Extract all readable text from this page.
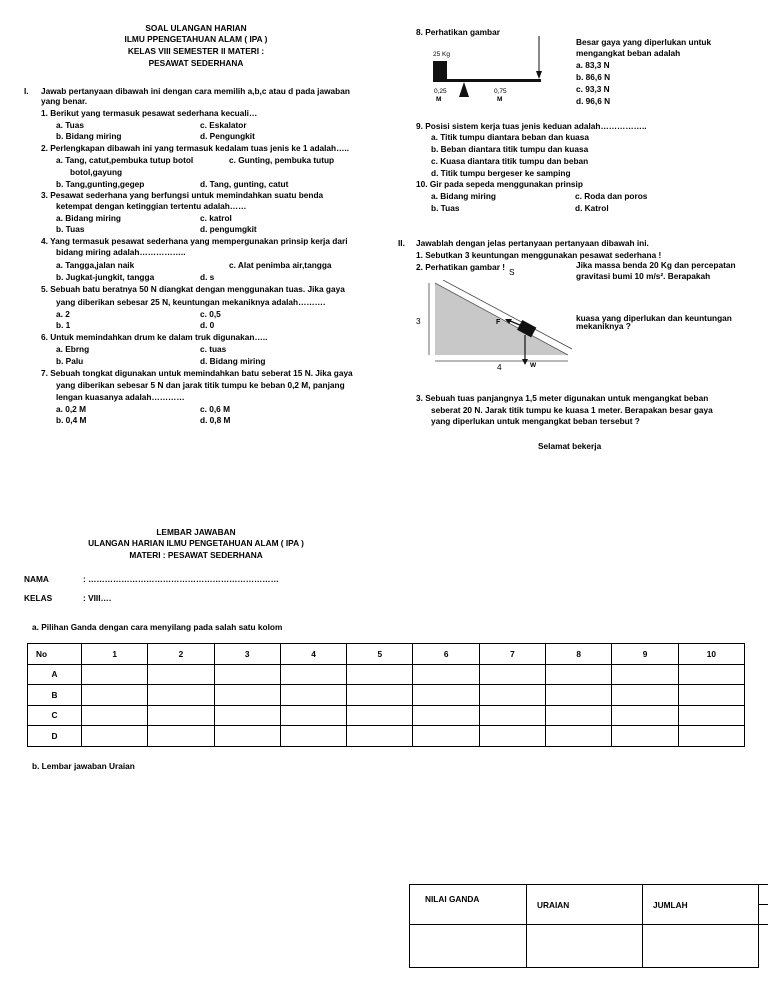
SOAL ULANGAN HARIAN
ILMU PPENGETAHUAN ALAM ( IPA )
KELAS VIII SEMESTER II MATERI :
PESAWAT SEDERHANA
I. Jawab pertanyaan dibawah ini dengan cara memilih a,b,c atau d pada jawaban
yang benar.
1. Berikut yang termasuk pesawat sederhana kecuali…
a. Tuas	c. Eskalator
b. Bidang miring	d. Pengungkit
2. Perlengkapan dibawah ini yang termasuk kedalam tuas jenis ke 1 adalah…..
a. Tang, catut,pembuka tutup botol	c. Gunting, pembuka tutup
botol,gayung
b. Tang,gunting,gegep	d. Tang, gunting, catut
3. Pesawat sederhana yang berfungsi untuk memindahkan suatu benda
ketempat dengan ketinggian tertentu adalah……
a. Bidang miring	c. katrol
b. Tuas	d. pengumgkit
4. Yang termasuk pesawat sederhana yang mempergunakan prinsip kerja dari
bidang miring adalah……………..
a. Tangga,jalan naik	c. Alat penimba air,tangga
b. Jugkat-jungkit, tangga	d. s
5. Sebuah batu beratnya 50 N diangkat dengan menggunakan tuas. Jika gaya
yang diberikan sebesar 25 N, keuntungan mekaniknya adalah……….
a. 2	c. 0,5
b. 1	d. 0
6. Untuk memindahkan drum ke dalam truk digunakan…..
a. Ebrng	c. tuas
b. Palu	d. Bidang miring
7. Sebuah tongkat digunakan untuk memindahkan batu seberat 15 N. Jika gaya
yang diberikan sebesar 5 N dan jarak titik tumpu ke beban 0,2 M, panjang
lengan kuasanya adalah…………
a. 0,2 M	c. 0,6 M
b. 0,4 M	d. 0,8 M
8. Perhatikan gambar
25 Kg
0,25
M
0,75
M
Besar gaya yang diperlukan untuk
mengangkat beban adalah
a. 83,3 N
b. 86,6 N
c. 93,3 N
d. 96,6 N
9. Posisi sistem kerja tuas jenis keduan adalah……………..
a. Titik tumpu diantara beban dan kuasa
b. Beban diantara titik tumpu dan kuasa
c. Kuasa diantara titik tumpu dan beban
d. Titik tumpu bergeser ke samping
10. Gir pada sepeda menggunakan prinsip
a. Bidang miring	c. Roda dan poros
b. Tuas	d. Katrol
II. Jawablah dengan jelas pertanyaan pertanyaan dibawah ini.
1. Sebutkan 3 keuntungan menggunakan pesawat sederhana !
2. Perhatikan gambar ! S
3	F
4	W
Jika massa benda 20 Kg dan percepatan
gravitasi bumi 10 m/s². Berapakah
kuasa yang diperlukan dan keuntungan
mekaniknya ?
3. Sebuah tuas panjangnya 1,5 meter digunakan untuk mengangkat beban
seberat 20 N. Jarak titik tumpu ke kuasa 1 meter. Berapakan besar gaya
yang diperlukan untuk mengangkat beban tersebut ?
Selamat bekerja
LEMBAR JAWABAN
ULANGAN HARIAN ILMU PENGETAHUAN ALAM ( IPA )
MATERI : PESAWAT SEDERHANA
NAMA	: ……………………………………………………………
KELAS	: VIII….
a. Pilihan Ganda dengan cara menyilang pada salah satu kolom
No	1	2	3	4	5	6	7	8	9	10
A										
B										
C										
D										
b. Lembar jawaban Uraian
NILAI GANDA	URAIAN	JUMLAH	
